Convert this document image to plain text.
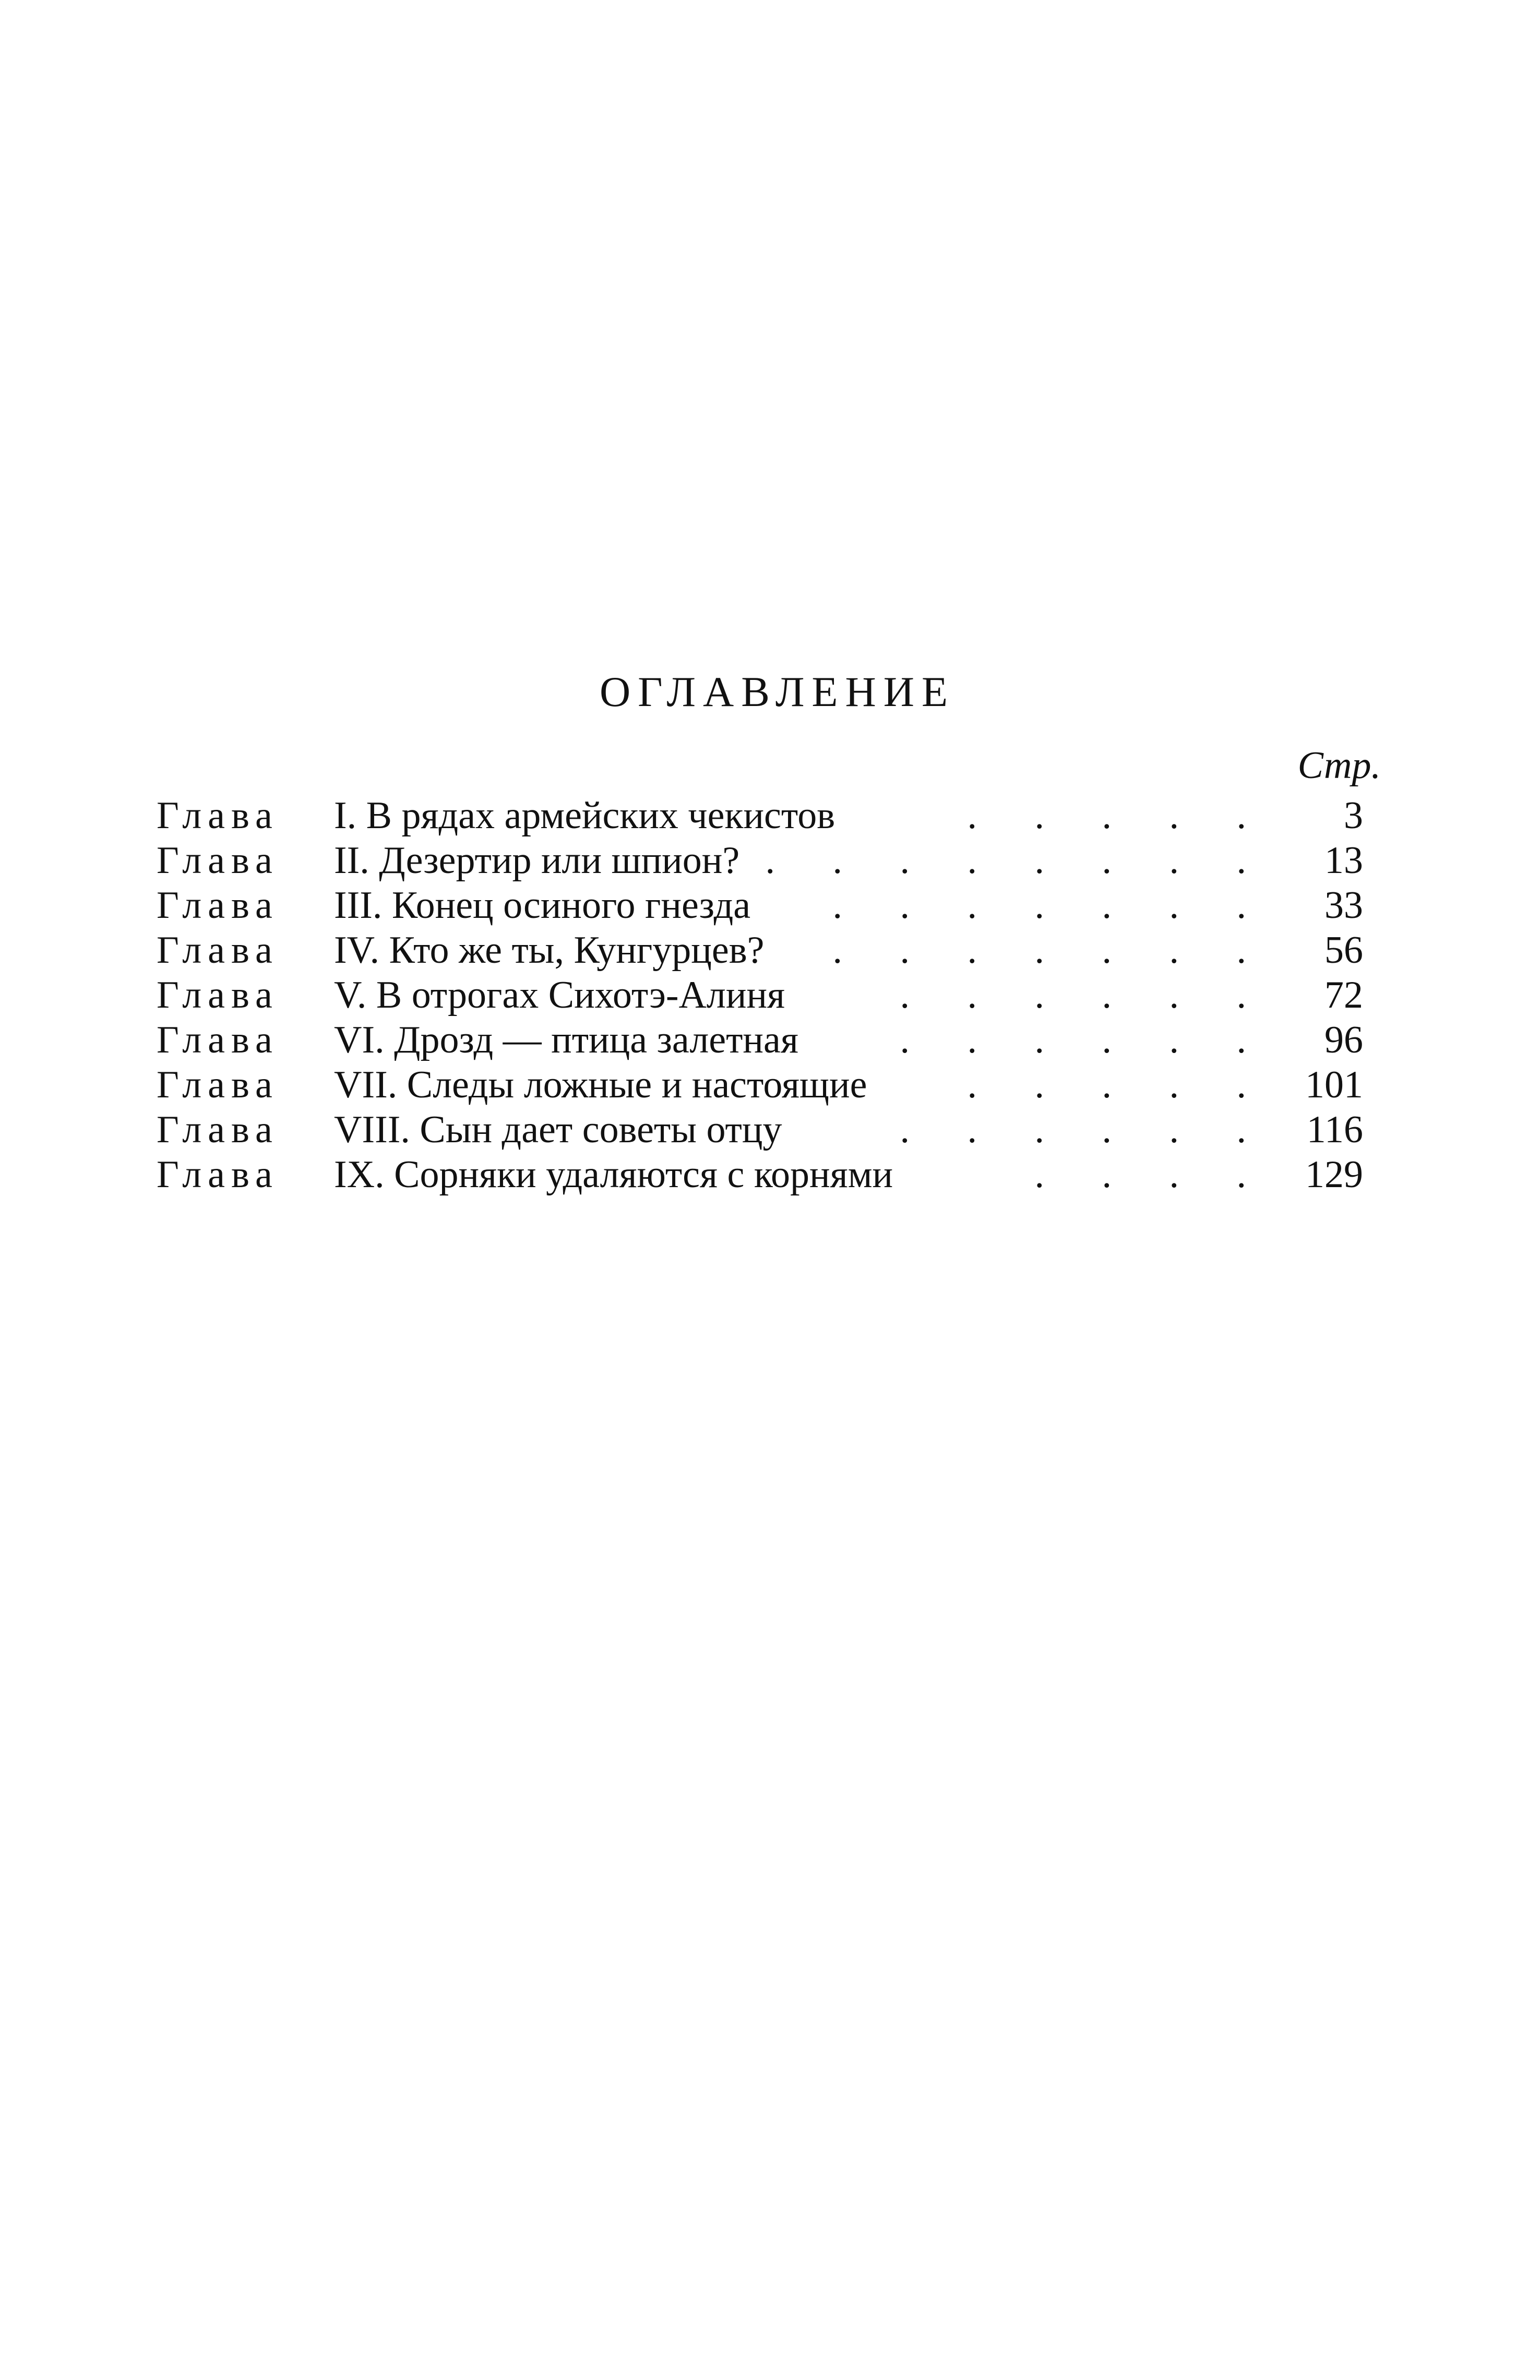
ОГЛАВЛЕНИЕ
Стр.
Глава I. В рядах армейских чекистов	. . . . . 3
Глава II. Дезертир или шпион? . . . . . . . . 13
Глава III. Конец осиного гнезда . . . . . . . 33
Глава IV. Кто же ты, Кунгурцев? . . . . . . . 56
Глава V. В отрогах Сихотэ-Алиня	. . . . . . 72
Глава VI. Дрозд — птица залетная	. . . . . . 96
Глава VII. Следы ложные и настоящие	. . . . . 101
Глава VIII. Сын дает советы отцу	. . . . . . 116
Глава IX. Сорняки удаляются с корнями	. . . . 129
